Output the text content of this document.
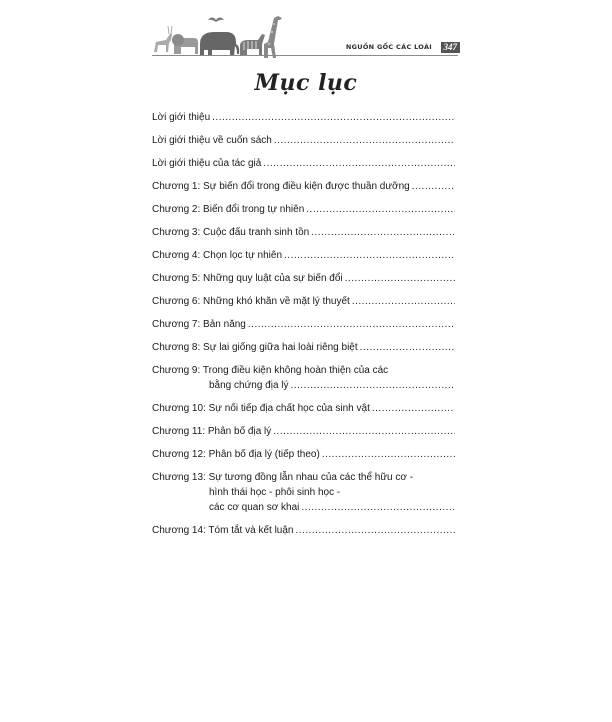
NGUỒN GỐC CÁC LOÀI	347
Mục lục
Lời giới thiệu
.....
Lời giới thiệu về cuốn sách
.....
Lời giới thiệu của tác giả
.....
Chương 1: Sự biến đổi trong điều kiện được thuần dưỡng
.....
Chương 2: Biến đổi trong tự nhiên
.....
Chương 3: Cuộc đấu tranh sinh tồn
.....
Chương 4: Chọn lọc tự nhiên
.....
Chương 5: Những quy luật của sự biến đổi
.....
Chương 6: Những khó khăn về mặt lý thuyết
.....
Chương 7: Bản năng
.....
Chương 8: Sự lai giống giữa hai loài riêng biệt
.....
Chương 9: Trong điều kiện không hoàn thiện của các
bằng chứng địa lý
.....
Chương 10: Sự nối tiếp địa chất học của sinh vật
.....
Chương 11: Phân bố địa lý
.....
Chương 12: Phân bố địa lý (tiếp theo)
.....
Chương 13: Sự tương đồng lẫn nhau của các thể hữu cơ -
hình thái học - phôi sinh học -
các cơ quan sơ khai
.....
Chương 14: Tóm tắt và kết luận
.....
